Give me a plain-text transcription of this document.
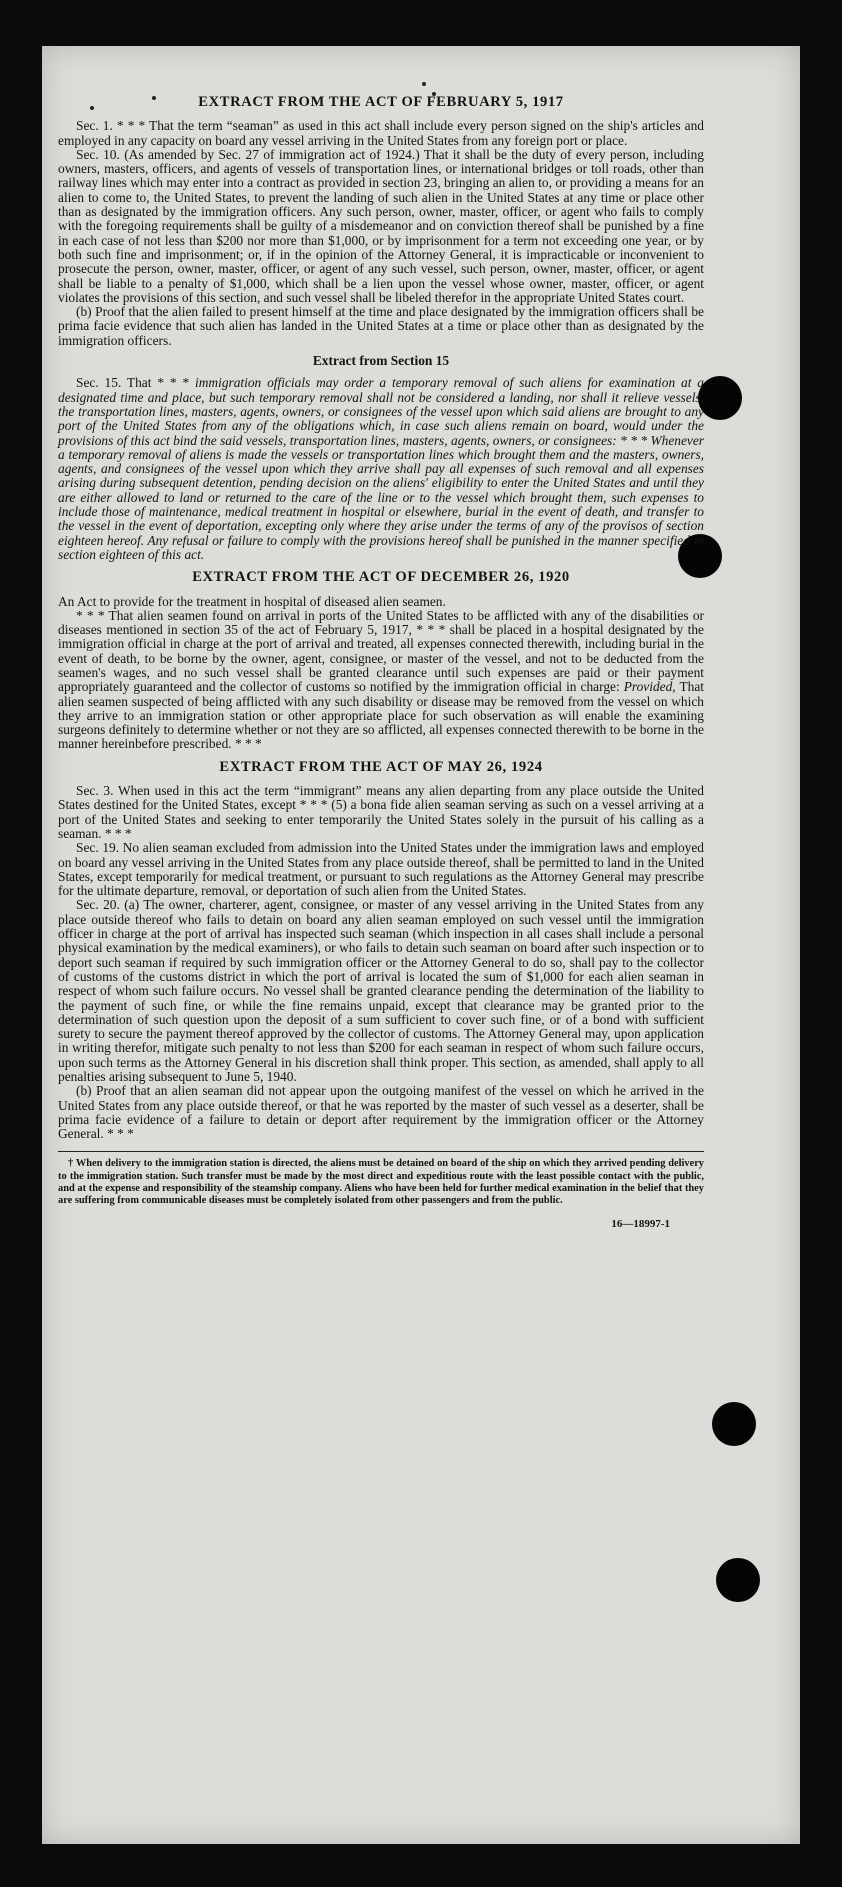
EXTRACT FROM THE ACT OF FEBRUARY 5, 1917

Sec. 1. * * * That the term “seaman” as used in this act shall include every person signed on the ship's articles and employed in any capacity on board any vessel arriving in the United States from any foreign port or place.

Sec. 10. (As amended by Sec. 27 of immigration act of 1924.) That it shall be the duty of every person, including owners, masters, officers, and agents of vessels of transportation lines, or international bridges or toll roads, other than railway lines which may enter into a contract as provided in section 23, bringing an alien to, or providing a means for an alien to come to, the United States, to prevent the landing of such alien in the United States at any time or place other than as designated by the immigration officers. Any such person, owner, master, officer, or agent who fails to comply with the foregoing requirements shall be guilty of a misdemeanor and on conviction thereof shall be punished by a fine in each case of not less than $200 nor more than $1,000, or by imprisonment for a term not exceeding one year, or by both such fine and imprisonment; or, if in the opinion of the Attorney General, it is impracticable or inconvenient to prosecute the person, owner, master, officer, or agent of any such vessel, such person, owner, master, officer, or agent shall be liable to a penalty of $1,000, which shall be a lien upon the vessel whose owner, master, officer, or agent violates the provisions of this section, and such vessel shall be libeled therefor in the appropriate United States court.

(b) Proof that the alien failed to present himself at the time and place designated by the immigration officers shall be prima facie evidence that such alien has landed in the United States at a time or place other than as designated by the immigration officers.

Extract from Section 15

Sec. 15. That * * * immigration officials may order a temporary removal of such aliens for examination at a designated time and place, but such temporary removal shall not be considered a landing, nor shall it relieve vessels, the transportation lines, masters, agents, owners, or consignees of the vessel upon which said aliens are brought to any port of the United States from any of the obligations which, in case such aliens remain on board, would under the provisions of this act bind the said vessels, transportation lines, masters, agents, owners, or consignees: * * * Whenever a temporary removal of aliens is made the vessels or transportation lines which brought them and the masters, owners, agents, and consignees of the vessel upon which they arrive shall pay all expenses of such removal and all expenses arising during subsequent detention, pending decision on the aliens' eligibility to enter the United States and until they are either allowed to land or returned to the care of the line or to the vessel which brought them, such expenses to include those of maintenance, medical treatment in hospital or elsewhere, burial in the event of death, and transfer to the vessel in the event of deportation, excepting only where they arise under the terms of any of the provisos of section eighteen hereof. Any refusal or failure to comply with the provisions hereof shall be punished in the manner specified in section eighteen of this act.

EXTRACT FROM THE ACT OF DECEMBER 26, 1920

An Act to provide for the treatment in hospital of diseased alien seamen.

* * * That alien seamen found on arrival in ports of the United States to be afflicted with any of the disabilities or diseases mentioned in section 35 of the act of February 5, 1917, * * * shall be placed in a hospital designated by the immigration official in charge at the port of arrival and treated, all expenses connected therewith, including burial in the event of death, to be borne by the owner, agent, consignee, or master of the vessel, and not to be deducted from the seamen's wages, and no such vessel shall be granted clearance until such expenses are paid or their payment appropriately guaranteed and the collector of customs so notified by the immigration official in charge: Provided, That alien seamen suspected of being afflicted with any such disability or disease may be removed from the vessel on which they arrive to an immigration station or other appropriate place for such observation as will enable the examining surgeons definitely to determine whether or not they are so afflicted, all expenses connected therewith to be borne in the manner hereinbefore prescribed. * * *

EXTRACT FROM THE ACT OF MAY 26, 1924

Sec. 3. When used in this act the term “immigrant” means any alien departing from any place outside the United States destined for the United States, except * * * (5) a bona fide alien seaman serving as such on a vessel arriving at a port of the United States and seeking to enter temporarily the United States solely in the pursuit of his calling as a seaman. * * *

Sec. 19. No alien seaman excluded from admission into the United States under the immigration laws and employed on board any vessel arriving in the United States from any place outside thereof, shall be permitted to land in the United States, except temporarily for medical treatment, or pursuant to such regulations as the Attorney General may prescribe for the ultimate departure, removal, or deportation of such alien from the United States.

Sec. 20. (a) The owner, charterer, agent, consignee, or master of any vessel arriving in the United States from any place outside thereof who fails to detain on board any alien seaman employed on such vessel until the immigration officer in charge at the port of arrival has inspected such seaman (which inspection in all cases shall include a personal physical examination by the medical examiners), or who fails to detain such seaman on board after such inspection or to deport such seaman if required by such immigration officer or the Attorney General to do so, shall pay to the collector of customs of the customs district in which the port of arrival is located the sum of $1,000 for each alien seaman in respect of whom such failure occurs. No vessel shall be granted clearance pending the determination of the liability to the payment of such fine, or while the fine remains unpaid, except that clearance may be granted prior to the determination of such question upon the deposit of a sum sufficient to cover such fine, or of a bond with sufficient surety to secure the payment thereof approved by the collector of customs. The Attorney General may, upon application in writing therefor, mitigate such penalty to not less than $200 for each seaman in respect of whom such failure occurs, upon such terms as the Attorney General in his discretion shall think proper. This section, as amended, shall apply to all penalties arising subsequent to June 5, 1940.

(b) Proof that an alien seaman did not appear upon the outgoing manifest of the vessel on which he arrived in the United States from any place outside thereof, or that he was reported by the master of such vessel as a deserter, shall be prima facie evidence of a failure to detain or deport after requirement by the immigration officer or the Attorney General. * * *

† When delivery to the immigration station is directed, the aliens must be detained on board of the ship on which they arrived pending delivery to the immigration station. Such transfer must be made by the most direct and expeditious route with the least possible contact with the public, and at the expense and responsibility of the steamship company. Aliens who have been held for further medical examination in the belief that they are suffering from communicable diseases must be completely isolated from other passengers and from the public.

16—18997-1
